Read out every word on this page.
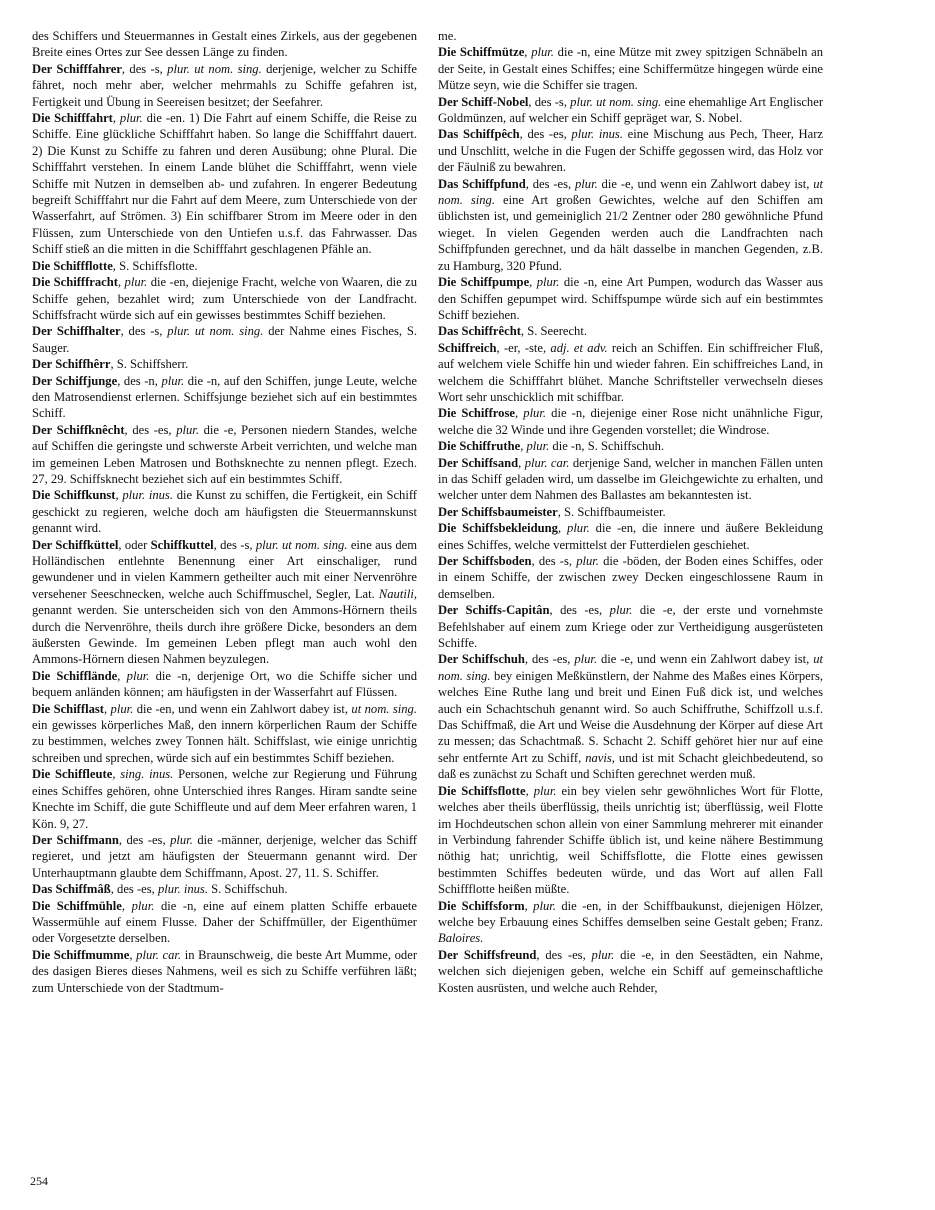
des Schiffers und Steuermannes in Gestalt eines Zirkels, aus der gegebenen Breite eines Ortes zur See dessen Länge zu finden.

Der Schifffahrer, des -s, plur. ut nom. sing. derjenige, welcher zu Schiffe fähret, noch mehr aber, welcher mehrmahls zu Schiffe gefahren ist, Fertigkeit und Übung in Seereisen besitzet; der Seefahrer.

Die Schifffahrt, plur. die -en. 1) Die Fahrt auf einem Schiffe, die Reise zu Schiffe. Eine glückliche Schifffahrt haben. So lange die Schifffahrt dauert. 2) Die Kunst zu Schiffe zu fahren und deren Ausübung; ohne Plural. Die Schifffahrt verstehen. In einem Lande blühet die Schifffahrt, wenn viele Schiffe mit Nutzen in demselben ab- und zufahren. In engerer Bedeutung begreift Schifffahrt nur die Fahrt auf dem Meere, zum Unterschiede von der Wasserfahrt, auf Strömen. 3) Ein schiffbarer Strom im Meere oder in den Flüssen, zum Unterschiede von den Untiefen u.s.f. das Fahrwasser. Das Schiff stieß an die mitten in die Schifffahrt geschlagenen Pfähle an.

Die Schiffflotte, S. Schiffsflotte.

Die Schifffracht, plur. die -en, diejenige Fracht, welche von Waaren, die zu Schiffe gehen, bezahlet wird; zum Unterschiede von der Landfracht. Schiffsfracht würde sich auf ein gewisses bestimmtes Schiff beziehen.

Der Schiffhalter, des -s, plur. ut nom. sing. der Nahme eines Fisches, S. Sauger.

Der Schiffhêrr, S. Schiffsherr.

Der Schiffjunge, des -n, plur. die -n, auf den Schiffen, junge Leute, welche den Matrosendienst erlernen. Schiffsjunge beziehet sich auf ein bestimmtes Schiff.

Der Schiffknêcht, des -es, plur. die -e, Personen niedern Standes, welche auf Schiffen die geringste und schwerste Arbeit verrichten, und welche man im gemeinen Leben Matrosen und Bothsknechte zu nennen pflegt. Ezech. 27, 29. Schiffsknecht beziehet sich auf ein bestimmtes Schiff.

Die Schiffkunst, plur. inus. die Kunst zu schiffen, die Fertigkeit, ein Schiff geschickt zu regieren, welche doch am häufigsten die Steuermannskunst genannt wird.

Der Schiffküttel, oder Schiffkuttel, des -s, plur. ut nom. sing. eine aus dem Holländischen entlehnte Benennung einer Art einschaliger, rund gewundener und in vielen Kammern getheilter auch mit einer Nervenröhre versehener Seeschnecken, welche auch Schiffmuschel, Segler, Lat. Nautili, genannt werden. Sie unterscheiden sich von den Ammons-Hörnern theils durch die Nervenröhre, theils durch ihre größere Dicke, besonders an dem äußersten Gewinde. Im gemeinen Leben pflegt man auch wohl den Ammons-Hörnern diesen Nahmen beyzulegen.

Die Schifflände, plur. die -n, derjenige Ort, wo die Schiffe sicher und bequem anländen können; am häufigsten in der Wasserfahrt auf Flüssen.

Die Schifflast, plur. die -en, und wenn ein Zahlwort dabey ist, ut nom. sing. ein gewisses körperliches Maß, den innern körperlichen Raum der Schiffe zu bestimmen, welches zwey Tonnen hält. Schiffslast, wie einige unrichtig schreiben und sprechen, würde sich auf ein bestimmtes Schiff beziehen.

Die Schiffleute, sing. inus. Personen, welche zur Regierung und Führung eines Schiffes gehören, ohne Unterschied ihres Ranges. Hiram sandte seine Knechte im Schiff, die gute Schiffleute und auf dem Meer erfahren waren, 1 Kön. 9, 27.

Der Schiffmann, des -es, plur. die -männer, derjenige, welcher das Schiff regieret, und jetzt am häufigsten der Steuermann genannt wird. Der Unterhauptmann glaubte dem Schiffmann, Apost. 27, 11. S. Schiffer.

Das Schiffmâß, des -es, plur. inus. S. Schiffschuh.

Die Schiffmühle, plur. die -n, eine auf einem platten Schiffe erbauete Wassermühle auf einem Flusse. Daher der Schiffmüller, der Eigenthümer oder Vorgesetzte derselben.

Die Schiffmumme, plur. car. in Braunschweig, die beste Art Mumme, oder des dasigen Bieres dieses Nahmens, weil es sich zu Schiffe verführen läßt; zum Unterschiede von der Stadtmum-

me.

Die Schiffmütze, plur. die -n, eine Mütze mit zwey spitzigen Schnäbeln an der Seite, in Gestalt eines Schiffes; eine Schiffermütze hingegen würde eine Mütze seyn, wie die Schiffer sie tragen.

Der Schiff-Nobel, des -s, plur. ut nom. sing. eine ehemahlige Art Englischer Goldmünzen, auf welcher ein Schiff gepräget war, S. Nobel.

Das Schiffpêch, des -es, plur. inus. eine Mischung aus Pech, Theer, Harz und Unschlitt, welche in die Fugen der Schiffe gegossen wird, das Holz vor der Fäulniß zu bewahren.

Das Schiffpfund, des -es, plur. die -e, und wenn ein Zahlwort dabey ist, ut nom. sing. eine Art großen Gewichtes, welche auf den Schiffen am üblichsten ist, und gemeiniglich 21/2 Zentner oder 280 gewöhnliche Pfund wieget. In vielen Gegenden werden auch die Landfrachten nach Schiffpfunden gerechnet, und da hält dasselbe in manchen Gegenden, z.B. zu Hamburg, 320 Pfund.

Die Schiffpumpe, plur. die -n, eine Art Pumpen, wodurch das Wasser aus den Schiffen gepumpet wird. Schiffspumpe würde sich auf ein bestimmtes Schiff beziehen.

Das Schiffrêcht, S. Seerecht.

Schiffreich, -er, -ste, adj. et adv. reich an Schiffen. Ein schiffreicher Fluß, auf welchem viele Schiffe hin und wieder fahren. Ein schiffreiches Land, in welchem die Schifffahrt blühet. Manche Schriftsteller verwechseln dieses Wort sehr unschicklich mit schiffbar.

Die Schiffrose, plur. die -n, diejenige einer Rose nicht unähnliche Figur, welche die 32 Winde und ihre Gegenden vorstellet; die Windrose.

Die Schiffruthe, plur. die -n, S. Schiffschuh.

Der Schiffsand, plur. car. derjenige Sand, welcher in manchen Fällen unten in das Schiff geladen wird, um dasselbe im Gleichgewichte zu erhalten, und welcher unter dem Nahmen des Ballastes am bekanntesten ist.

Der Schiffsbaumeister, S. Schiffbaumeister.

Die Schiffsbekleidung, plur. die -en, die innere und äußere Bekleidung eines Schiffes, welche vermittelst der Futterdielen geschiehet.

Der Schiffsboden, des -s, plur. die -böden, der Boden eines Schiffes, oder in einem Schiffe, der zwischen zwey Decken eingeschlossene Raum in demselben.

Der Schiffs-Capitân, des -es, plur. die -e, der erste und vornehmste Befehlshaber auf einem zum Kriege oder zur Vertheidigung ausgerüsteten Schiffe.

Der Schiffschuh, des -es, plur. die -e, und wenn ein Zahlwort dabey ist, ut nom. sing. bey einigen Meßkünstlern, der Nahme des Maßes eines Körpers, welches Eine Ruthe lang und breit und Einen Fuß dick ist, und welches auch ein Schachtschuh genannt wird. So auch Schiffruthe, Schiffzoll u.s.f. Das Schiffmaß, die Art und Weise die Ausdehnung der Körper auf diese Art zu messen; das Schachtmaß. S. Schacht 2. Schiff gehöret hier nur auf eine sehr entfernte Art zu Schiff, navis, und ist mit Schacht gleichbedeutend, so daß es zunächst zu Schaft und Schiften gerechnet werden muß.

Die Schiffsflotte, plur. ein bey vielen sehr gewöhnliches Wort für Flotte, welches aber theils überflüssig, theils unrichtig ist; überflüssig, weil Flotte im Hochdeutschen schon allein von einer Sammlung mehrerer mit einander in Verbindung fahrender Schiffe üblich ist, und keine nähere Bestimmung nöthig hat; unrichtig, weil Schiffsflotte, die Flotte eines gewissen bestimmten Schiffes bedeuten würde, und das Wort auf allen Fall Schiffflotte heißen müßte.

Die Schiffsform, plur. die -en, in der Schiffbaukunst, diejenigen Hölzer, welche bey Erbauung eines Schiffes demselben seine Gestalt geben; Franz. Baloires.

Der Schiffsfreund, des -es, plur. die -e, in den Seestädten, ein Nahme, welchen sich diejenigen geben, welche ein Schiff auf gemeinschaftliche Kosten ausrüsten, und welche auch Rehder,

254
